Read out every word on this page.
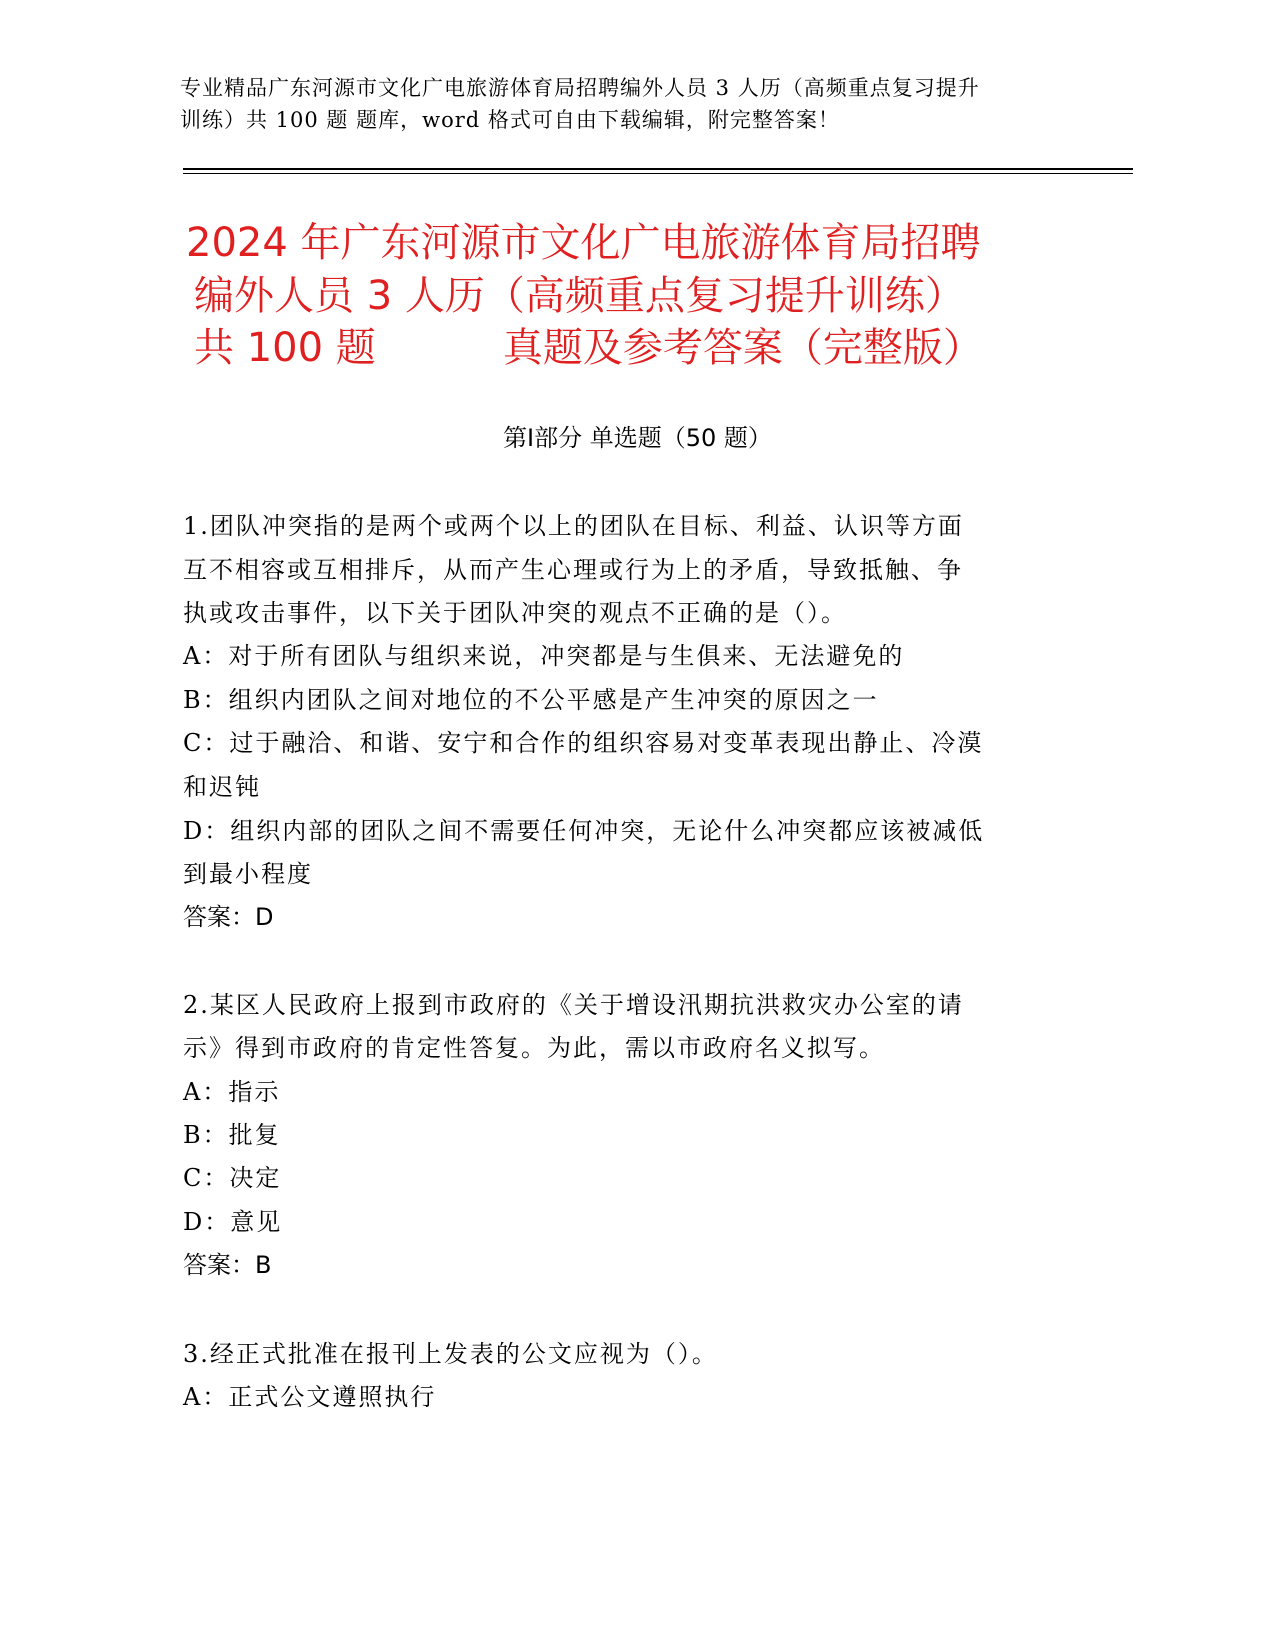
专业精品广东河源市文化广电旅游体育局招聘编外人员 3 人历（高频重点复习提升
训练）共 100 题 题库，word 格式可自由下载编辑，附完整答案！
2024 年广东河源市文化广电旅游体育局招聘
编外人员 3 人历（高频重点复习提升训练）
共 100 题          真题及参考答案（完整版）
第Ⅰ部分 单选题（50 题）
1.团队冲突指的是两个或两个以上的团队在目标、利益、认识等方面
互不相容或互相排斥，从而产生心理或行为上的矛盾，导致抵触、争
执或攻击事件，以下关于团队冲突的观点不正确的是（）。
A：对于所有团队与组织来说，冲突都是与生俱来、无法避免的
B：组织内团队之间对地位的不公平感是产生冲突的原因之一
C：过于融洽、和谐、安宁和合作的组织容易对变革表现出静止、冷漠
和迟钝
D：组织内部的团队之间不需要任何冲突，无论什么冲突都应该被减低
到最小程度
答案：D
2.某区人民政府上报到市政府的《关于增设汛期抗洪救灾办公室的请
示》得到市政府的肯定性答复。为此，需以市政府名义拟写。
A：指示
B：批复
C：决定
D：意见
答案：B
3.经正式批准在报刊上发表的公文应视为（）。
A：正式公文遵照执行
